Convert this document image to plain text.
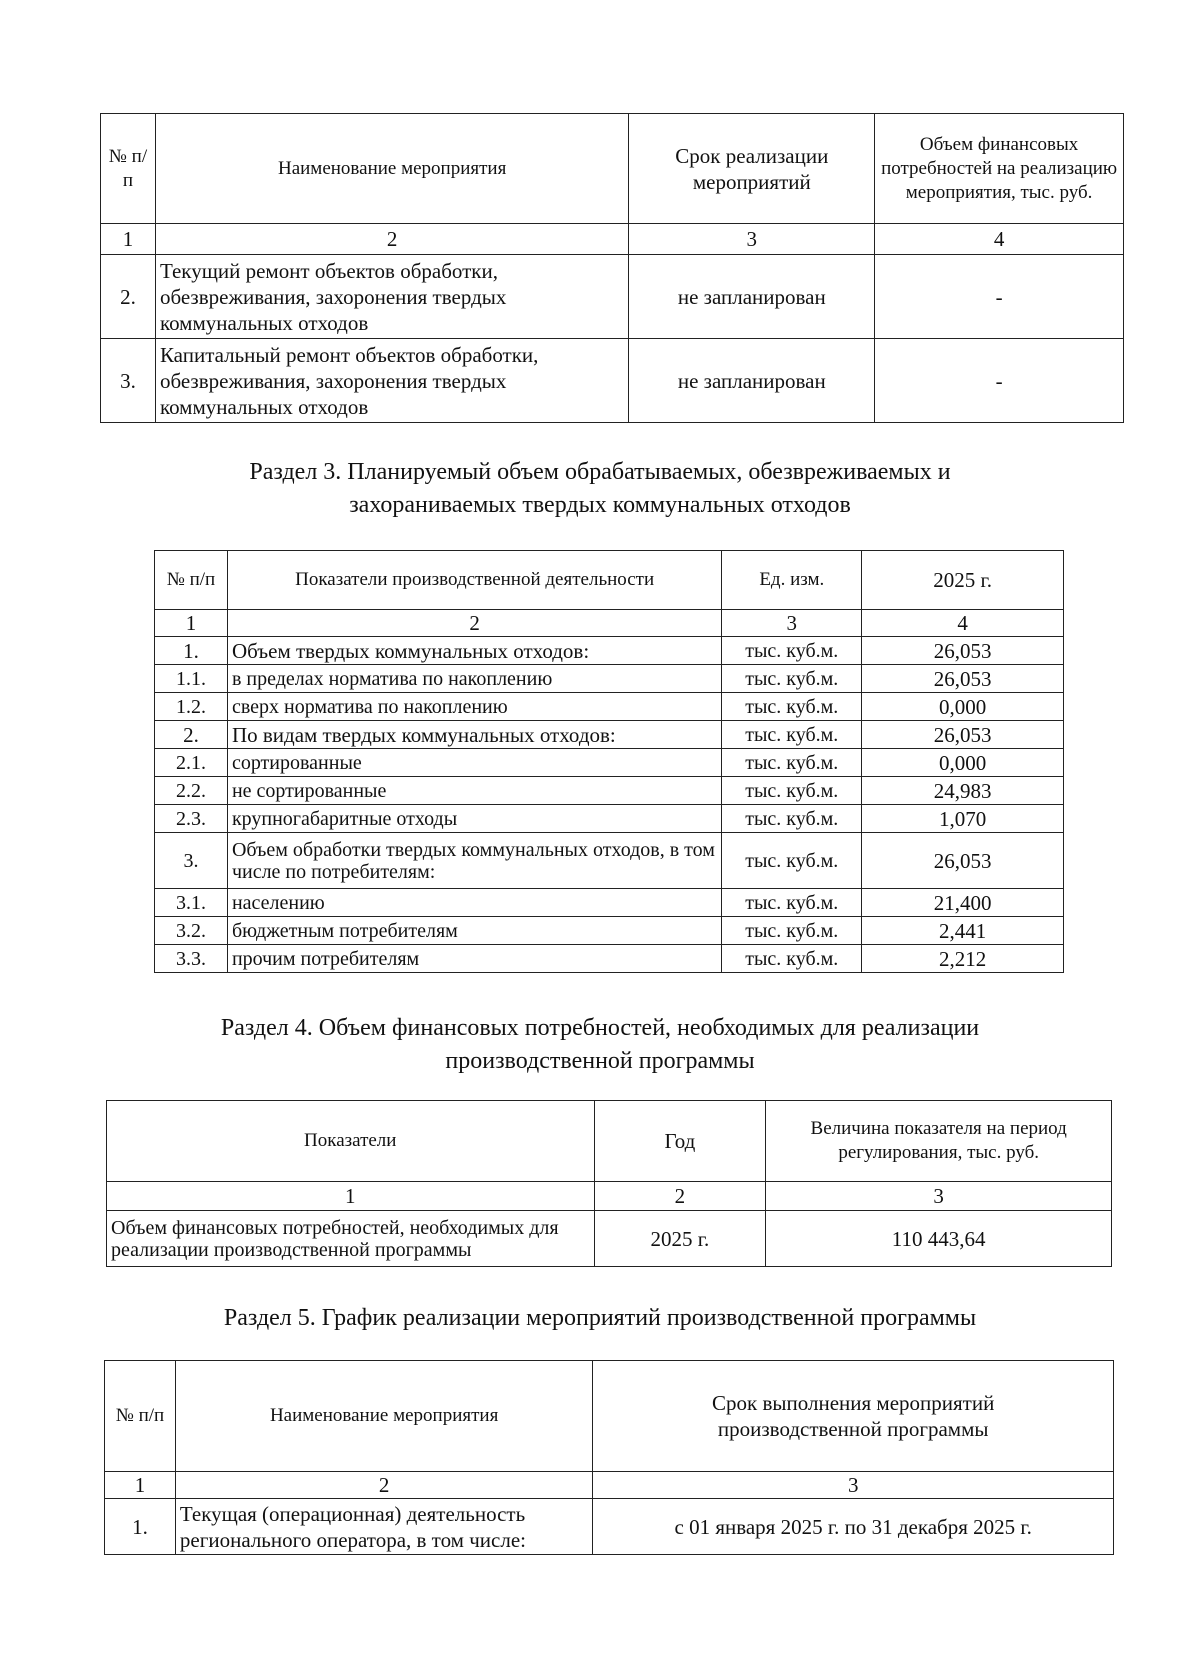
№ п/п	Наименование мероприятия	Срок реализации мероприятий	Объем финансовых потребностей на реализацию мероприятия, тыс. руб.
1	2	3	4
2.	Текущий ремонт объектов обработки, обезвреживания, захоронения твердых коммунальных отходов	не запланирован	-
3.	Капитальный ремонт объектов обработки, обезвреживания, захоронения твердых коммунальных отходов	не запланирован	-
Раздел 3. Планируемый объем обрабатываемых, обезвреживаемых и захораниваемых твердых коммунальных отходов
№ п/п	Показатели производственной деятельности	Ед. изм.	2025 г.
1	2	3	4
1.	Объем твердых коммунальных отходов:	тыс. куб.м.	26,053
1.1.	в пределах норматива по накоплению	тыс. куб.м.	26,053
1.2.	сверх норматива по накоплению	тыс. куб.м.	0,000
2.	По видам твердых коммунальных отходов:	тыс. куб.м.	26,053
2.1.	сортированные	тыс. куб.м.	0,000
2.2.	не сортированные	тыс. куб.м.	24,983
2.3.	крупногабаритные отходы	тыс. куб.м.	1,070
3.	Объем обработки твердых коммунальных отходов, в том числе по потребителям:	тыс. куб.м.	26,053
3.1.	населению	тыс. куб.м.	21,400
3.2.	бюджетным потребителям	тыс. куб.м.	2,441
3.3.	прочим потребителям	тыс. куб.м.	2,212
Раздел 4. Объем финансовых потребностей, необходимых для реализации производственной программы
Показатели	Год	Величина показателя на период регулирования, тыс. руб.
1	2	3
Объем финансовых потребностей, необходимых для реализации производственной программы	2025 г.	110 443,64
Раздел 5. График реализации мероприятий производственной программы
№ п/п	Наименование мероприятия	Срок выполнения мероприятий производственной программы
1	2	3
1.	Текущая (операционная) деятельность регионального оператора, в том числе:	с 01 января 2025 г. по 31 декабря 2025 г.
